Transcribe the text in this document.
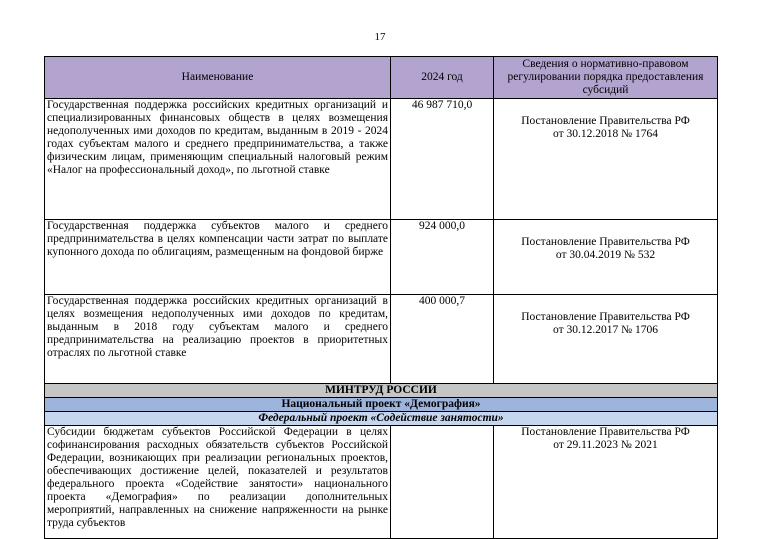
17
Наименование	2024 год	Сведения о нормативно-правовом регулировании порядка предоставления субсидий
Государственная поддержка российских кредитных организаций и специализированных финансовых обществ в целях возмещения недополученных ими доходов по кредитам, выданным в 2019 - 2024 годах субъектам малого и среднего предпринимательства, а также физическим лицам, применяющим специальный налоговый режим «Налог на профессиональный доход», по льготной ставке	46 987 710,0	Постановление Правительства РФ
от 30.12.2018 № 1764

Государственная поддержка субъектов малого и среднего предпринимательства в целях компенсации части затрат по выплате купонного дохода по облигациям, размещенным на фондовой бирже	924 000,0	Постановление Правительства РФ
от 30.04.2019 № 532

Государственная поддержка российских кредитных организаций в целях возмещения недополученных ими доходов по кредитам, выданным в 2018 году субъектам малого и среднего предпринимательства на реализацию проектов в приоритетных отраслях по льготной ставке	400 000,7	Постановление Правительства РФ
от 30.12.2017 № 1706

МИНТРУД РОССИИ		
Национальный проект «Демография»		
Федеральный проект «Содействие занятости»		
Субсидии бюджетам субъектов Российской Федерации в целях софинансирования расходных обязательств субъектов Российской Федерации, возникающих при реализации региональных проектов, обеспечивающих достижение целей, показателей и результатов федерального проекта «Содействие занятости» национального проекта «Демография» по реализации дополнительных мероприятий, направленных на снижение напряженности на рынке труда субъектов		Постановление Правительства РФ
от 29.11.2023 № 2021
